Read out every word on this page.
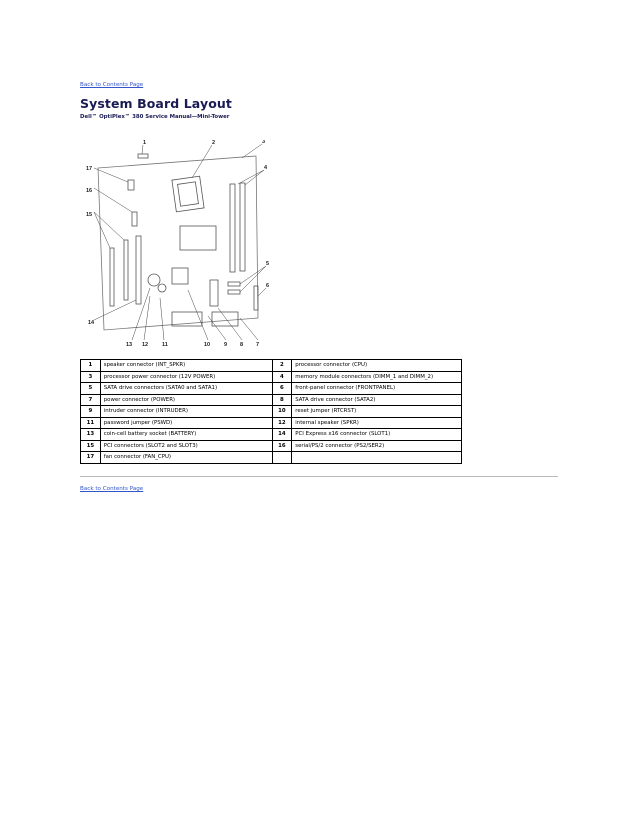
Back to Contents Page
System Board Layout
Dell™ OptiPlex™ 380 Service Manual—Mini-Tower
1	2	3
4
5
6
7
8
9
10
11
12
13
14
15
16
17
1	speaker connector (INT_SPKR)	2	processor connector (CPU)
3	processor power connector (12V POWER)	4	memory module connectors (DIMM_1 and DIMM_2)
5	SATA drive connectors (SATA0 and SATA1)	6	front-panel connector (FRONTPANEL)
7	power connector (POWER)	8	SATA drive connector (SATA2)
9	intruder connector (INTRUDER)	10	reset jumper (RTCRST)
11	password jumper (PSWD)	12	internal speaker (SPKR)
13	coin-cell battery socket (BATTERY)	14	PCI Express x16 connector (SLOT1)
15	PCI connectors (SLOT2 and SLOT3)	16	serial/PS/2 connector (PS2/SER2)
17	fan connector (FAN_CPU)		
Back to Contents Page
